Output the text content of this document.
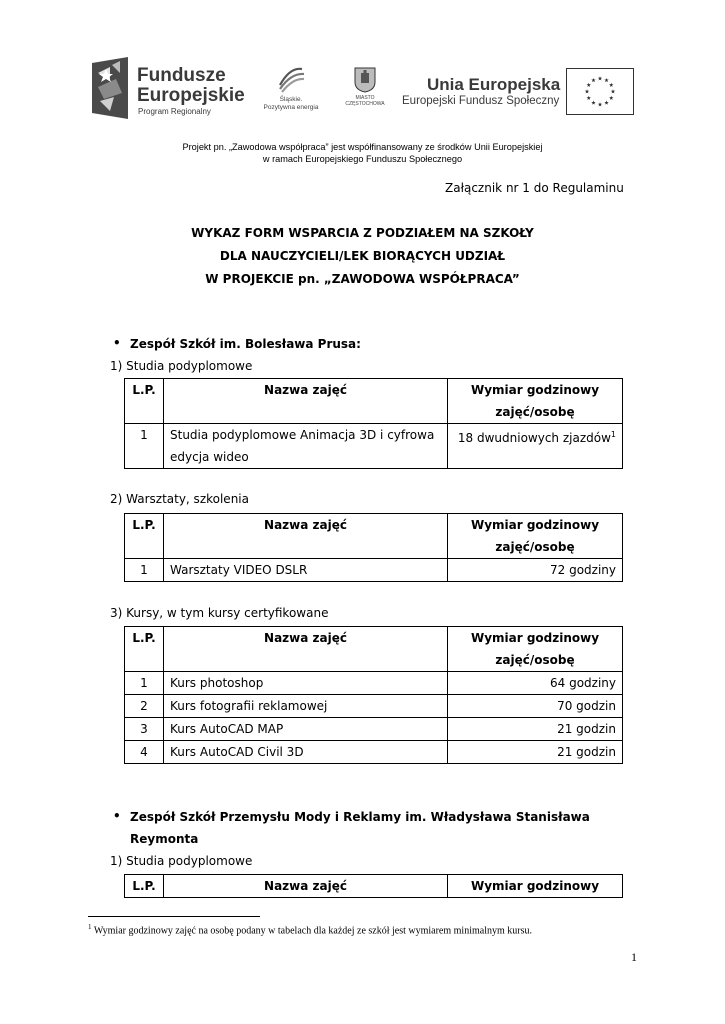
Fundusze
Europejskie
Program Regionalny
Śląskie.
Pozytywna energia
MIASTO
CZĘSTOCHOWA
Unia Europejska
Europejski Fundusz Społeczny
Projekt pn. „Zawodowa współpraca” jest współfinansowany ze środków Unii Europejskiej
w ramach Europejskiego Funduszu Społecznego
Załącznik nr 1 do Regulaminu
WYKAZ FORM WSPARCIA Z PODZIAŁEM NA SZKOŁY
DLA NAUCZYCIELI/LEK BIORĄCYCH UDZIAŁ
W PROJEKCIE pn. „ZAWODOWA WSPÓŁPRACA”
• Zespół Szkół im. Bolesława Prusa:
1) Studia podyplomowe
L.P.	Nazwa zajęć	Wymiar godzinowy
zajęć/osobę
1	Studia podyplomowe Animacja 3D i cyfrowa
edycja wideo	18 dwudniowych zjazdów$^1$
2) Warsztaty, szkolenia
L.P.	Nazwa zajęć	Wymiar godzinowy
zajęć/osobę
1	Warsztaty VIDEO DSLR	72 godziny
3) Kursy, w tym kursy certyfikowane
L.P.	Nazwa zajęć	Wymiar godzinowy
zajęć/osobę
1	Kurs photoshop	64 godziny
2	Kurs fotografii reklamowej	70 godzin
3	Kurs AutoCAD MAP	21 godzin
4	Kurs AutoCAD Civil 3D	21 godzin
• Zespół Szkół Przemysłu Mody i Reklamy im. Władysława Stanisława
Reymonta
1) Studia podyplomowe
L.P.	Nazwa zajęć	Wymiar godzinowy
$^1$ Wymiar godzinowy zajęć na osobę podany w tabelach dla każdej ze szkół jest wymiarem minimalnym kursu.
1
